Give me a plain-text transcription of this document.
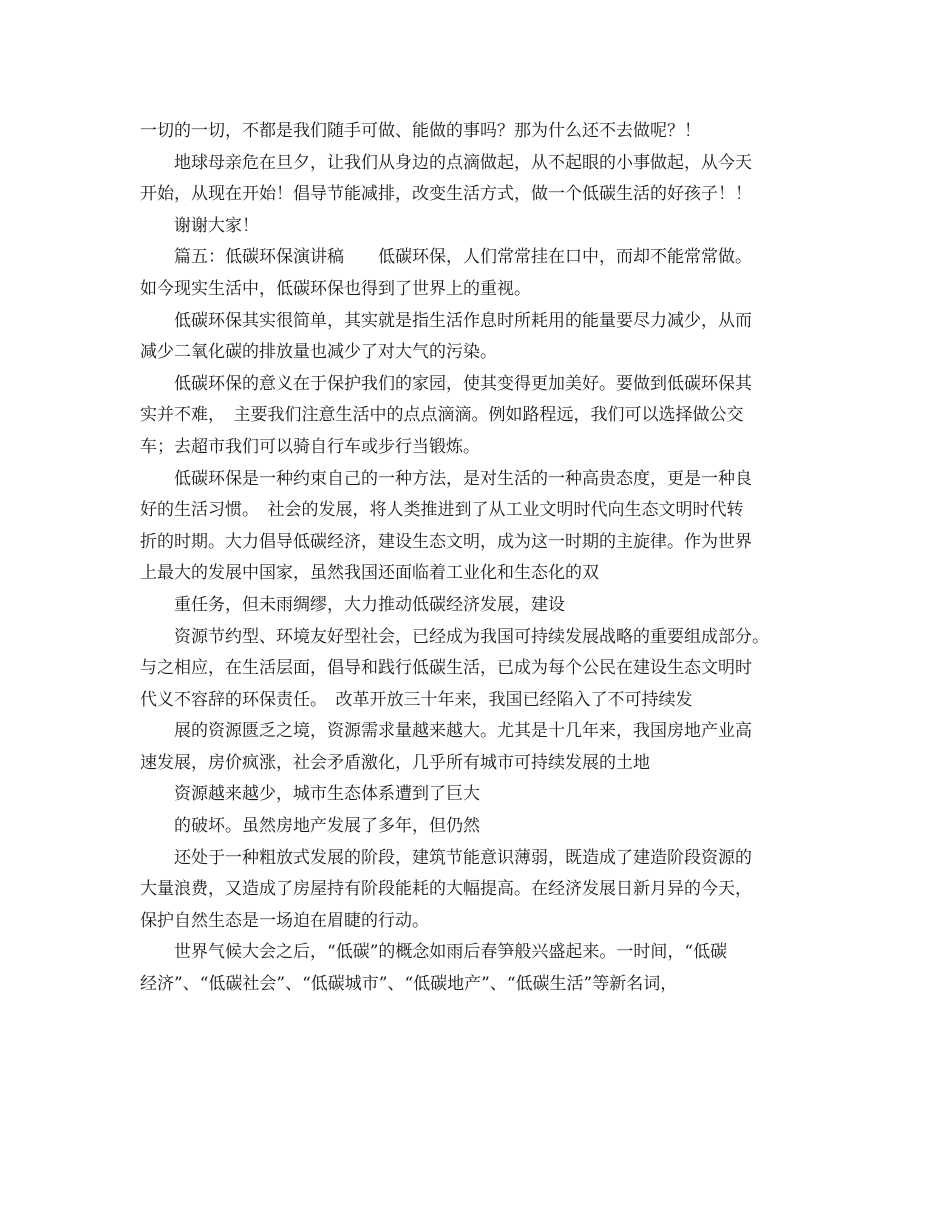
一切的一切，不都是我们随手可做、能做的事吗？那为什么还不去做呢？！

地球母亲危在旦夕，让我们从身边的点滴做起，从不起眼的小事做起，从今天

开始，从现在开始！倡导节能减排，改变生活方式，做一个低碳生活的好孩子！！

谢谢大家！

篇五：低碳环保演讲稿　　低碳环保，人们常常挂在口中，而却不能常常做。

如今现实生活中，低碳环保也得到了世界上的重视。

低碳环保其实很简单，其实就是指生活作息时所耗用的能量要尽力减少，从而

减少二氧化碳的排放量也减少了对大气的污染。

低碳环保的意义在于保护我们的家园，使其变得更加美好。要做到低碳环保其

实并不难，　主要我们注意生活中的点点滴滴。例如路程远，我们可以选择做公交

车；去超市我们可以骑自行车或步行当锻炼。

低碳环保是一种约束自己的一种方法，是对生活的一种高贵态度，更是一种良

好的生活习惯。　社会的发展，将人类推进到了从工业文明时代向生态文明时代转

折的时期。大力倡导低碳经济，建设生态文明，成为这一时期的主旋律。作为世界

上最大的发展中国家，虽然我国还面临着工业化和生态化的双

重任务，但未雨绸缪，大力推动低碳经济发展，建设

资源节约型、环境友好型社会，已经成为我国可持续发展战略的重要组成部分。

与之相应，在生活层面，倡导和践行低碳生活，已成为每个公民在建设生态文明时

代义不容辞的环保责任。　改革开放三十年来，我国已经陷入了不可持续发

展的资源匮乏之境，资源需求量越来越大。尤其是十几年来，我国房地产业高

速发展，房价疯涨，社会矛盾激化，几乎所有城市可持续发展的土地

资源越来越少，城市生态体系遭到了巨大

的破坏。虽然房地产发展了多年，但仍然

还处于一种粗放式发展的阶段，建筑节能意识薄弱，既造成了建造阶段资源的

大量浪费，又造成了房屋持有阶段能耗的大幅提高。在经济发展日新月异的今天，

保护自然生态是一场迫在眉睫的行动。

世界气候大会之后，“低碳”的概念如雨后春笋般兴盛起来。一时间，“低碳

经济”、“低碳社会”、“低碳城市”、“低碳地产”、“低碳生活”等新名词，
